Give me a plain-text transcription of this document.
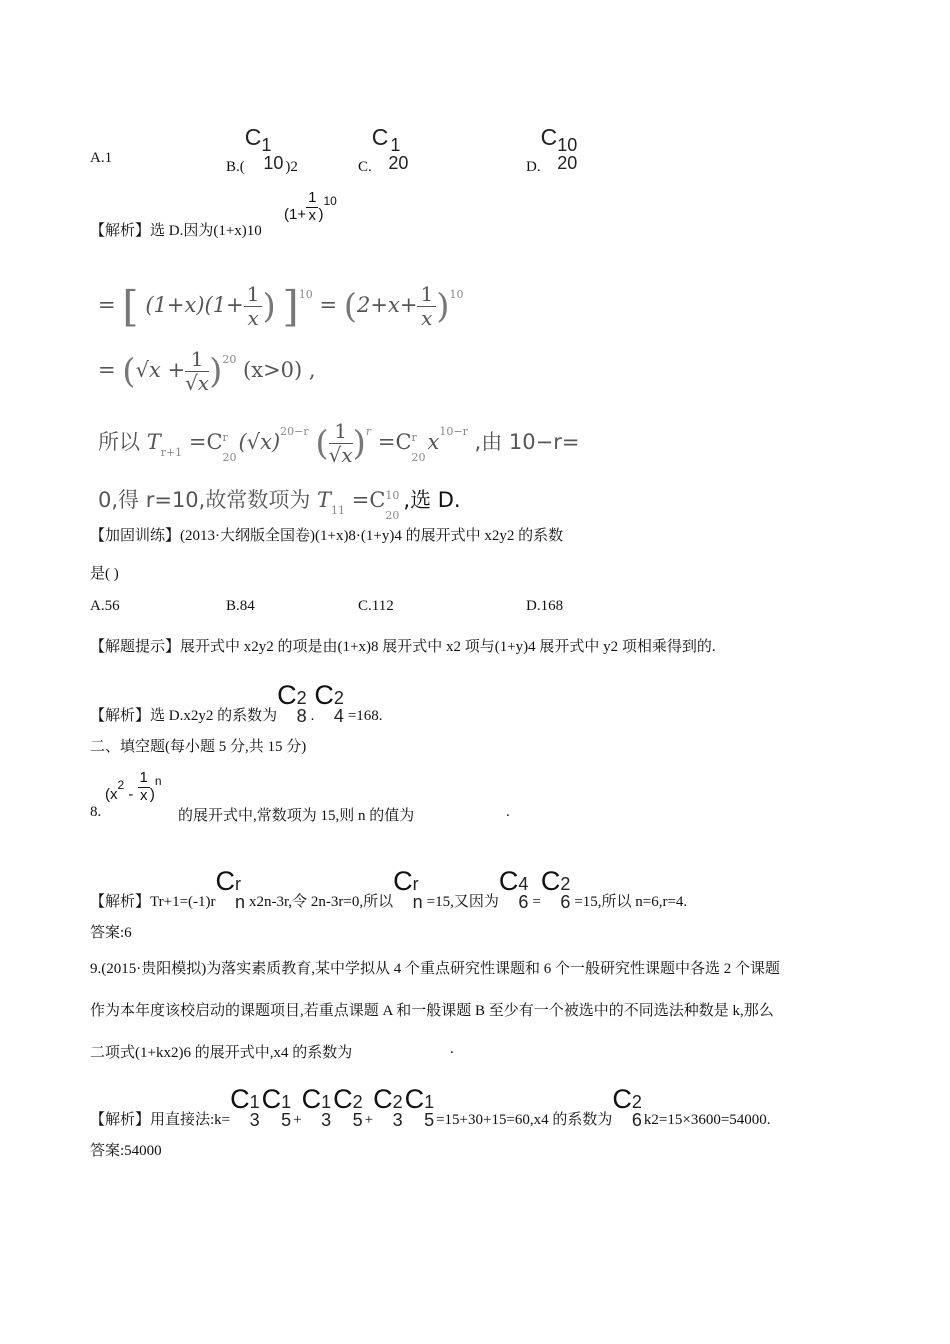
A.1
B.(C 1
10 )2	C.C 1
20	D.C 10
20
【解析】选 D.因为(1+x)10
$(1+ \frac{1}{x} )^{10}$
= [ $(1+x)(1+ \frac{1}{x}$ ) ]$^{10} = (2+x+ \frac{1}{x} )^{10}$
= $(√x + \frac{1}{√x} )^{20}$ (x>0) ,
所以 $T_{r+1} =C$ r
20
$(√x)^{20-r}$ ( $\frac{1}{√x} )^r =C$ r
20
$x^{10-r}$ ,由 10−r=
0,得 r=10,故常数项为 $T_{11} =C$ 10
20
,选 D.
【加固训练】(2013·大纲版全国卷)(1+x)8·(1+y)4 的展开式中 x2y2 的系数
是( )
A.56	B.84	C.112	D.168
【解题提示】展开式中 x2y2 的项是由(1+x)8 展开式中 x2 项与(1+y)4 展开式中 y2 项相乘得到的.
【解析】选 D.x2y2 的系数为C 2
8 .C 2
4 =168.
二、填空题(每小题 5 分,共 15 分)
8.
$(x2 - \frac{1}{x} )^n$
的展开式中,常数项为 15,则 n 的值为	.
【解析】Tr+1=(-1)rC r
n x2n-3r,令 2n-3r=0,所以C r
n =15,又因为C 4
6 =C 2
6 =15,所以 n=6,r=4.
答案:6
9.(2015·贵阳模拟)为落实素质教育,某中学拟从 4 个重点研究性课题和 6 个一般研究性课题中各选 2 个课题
作为本年度该校启动的课题项目,若重点课题 A 和一般课题 B 至少有一个被选中的不同选法种数是 k,那么
二项式(1+kx2)6 的展开式中,x4 的系数为	.
【解析】用直接法:k=C 1
3
C 1
5 +C 1
3
C 2
5 +C 2
3
C 1
5 =15+30+15=60,x4 的系数为C 2
6 k2=15×3600=54000.
答案:54000
